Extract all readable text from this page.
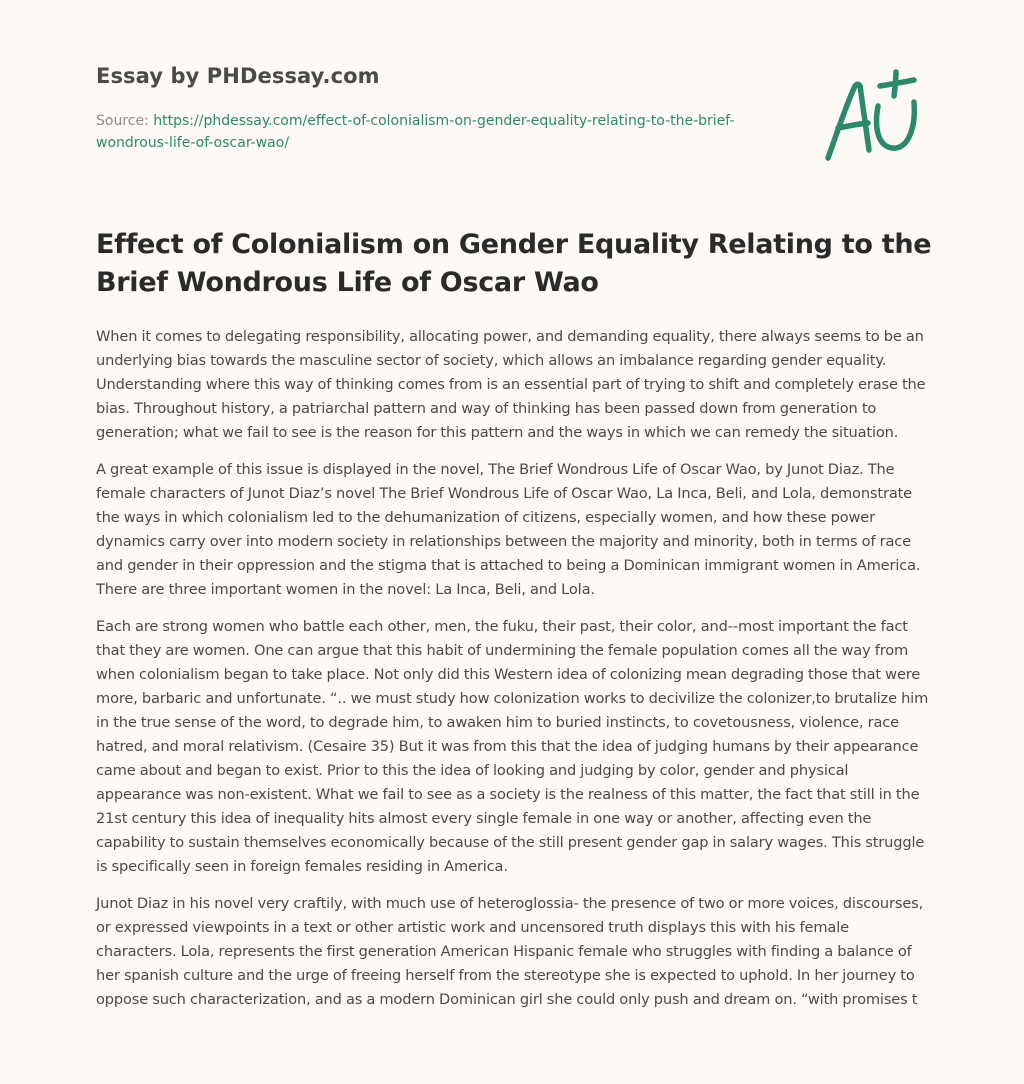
Essay by PHDessay.com
Source: https://phdessay.com/effect-of-colonialism-on-gender-equality-relating-to-the-brief-wondrous-life-of-oscar-wao/
Effect of Colonialism on Gender Equality Relating to the Brief Wondrous Life of Oscar Wao

When it comes to delegating responsibility, allocating power, and demanding equality, there always seems to be an underlying bias towards the masculine sector of society, which allows an imbalance regarding gender equality. Understanding where this way of thinking comes from is an essential part of trying to shift and completely erase the bias. Throughout history, a patriarchal pattern and way of thinking has been passed down from generation to generation; what we fail to see is the reason for this pattern and the ways in which we can remedy the situation.

A great example of this issue is displayed in the novel, The Brief Wondrous Life of Oscar Wao, by Junot Diaz. The female characters of Junot Diaz’s novel The Brief Wondrous Life of Oscar Wao, La Inca, Beli, and Lola, demonstrate the ways in which colonialism led to the dehumanization of citizens, especially women, and how these power dynamics carry over into modern society in relationships between the majority and minority, both in terms of race and gender in their oppression and the stigma that is attached to being a Dominican immigrant women in America. There are three important women in the novel: La Inca, Beli, and Lola.

Each are strong women who battle each other, men, the fuku, their past, their color, and--most important the fact that they are women. One can argue that this habit of undermining the female population comes all the way from when colonialism began to take place. Not only did this Western idea of colonizing mean degrading those that were more, barbaric and unfortunate. “.. we must study how colonization works to decivilize the colonizer,to brutalize him in the true sense of the word, to degrade him, to awaken him to buried instincts, to covetousness, violence, race hatred, and moral relativism. (Cesaire 35) But it was from this that the idea of judging humans by their appearance came about and began to exist. Prior to this the idea of looking and judging by color, gender and physical appearance was non-existent. What we fail to see as a society is the realness of this matter, the fact that still in the 21st century this idea of inequality hits almost every single female in one way or another, affecting even the capability to sustain themselves economically because of the still present gender gap in salary wages. This struggle is specifically seen in foreign females residing in America.

Junot Diaz in his novel very craftily, with much use of heteroglossia- the presence of two or more voices, discourses, or expressed viewpoints in a text or other artistic work and uncensored truth displays this with his female characters. Lola, represents the first generation American Hispanic female who struggles with finding a balance of her spanish culture and the urge of freeing herself from the stereotype she is expected to uphold. In her journey to oppose such characterization, and as a modern Dominican girl she could only push and dream on. “with promises t
